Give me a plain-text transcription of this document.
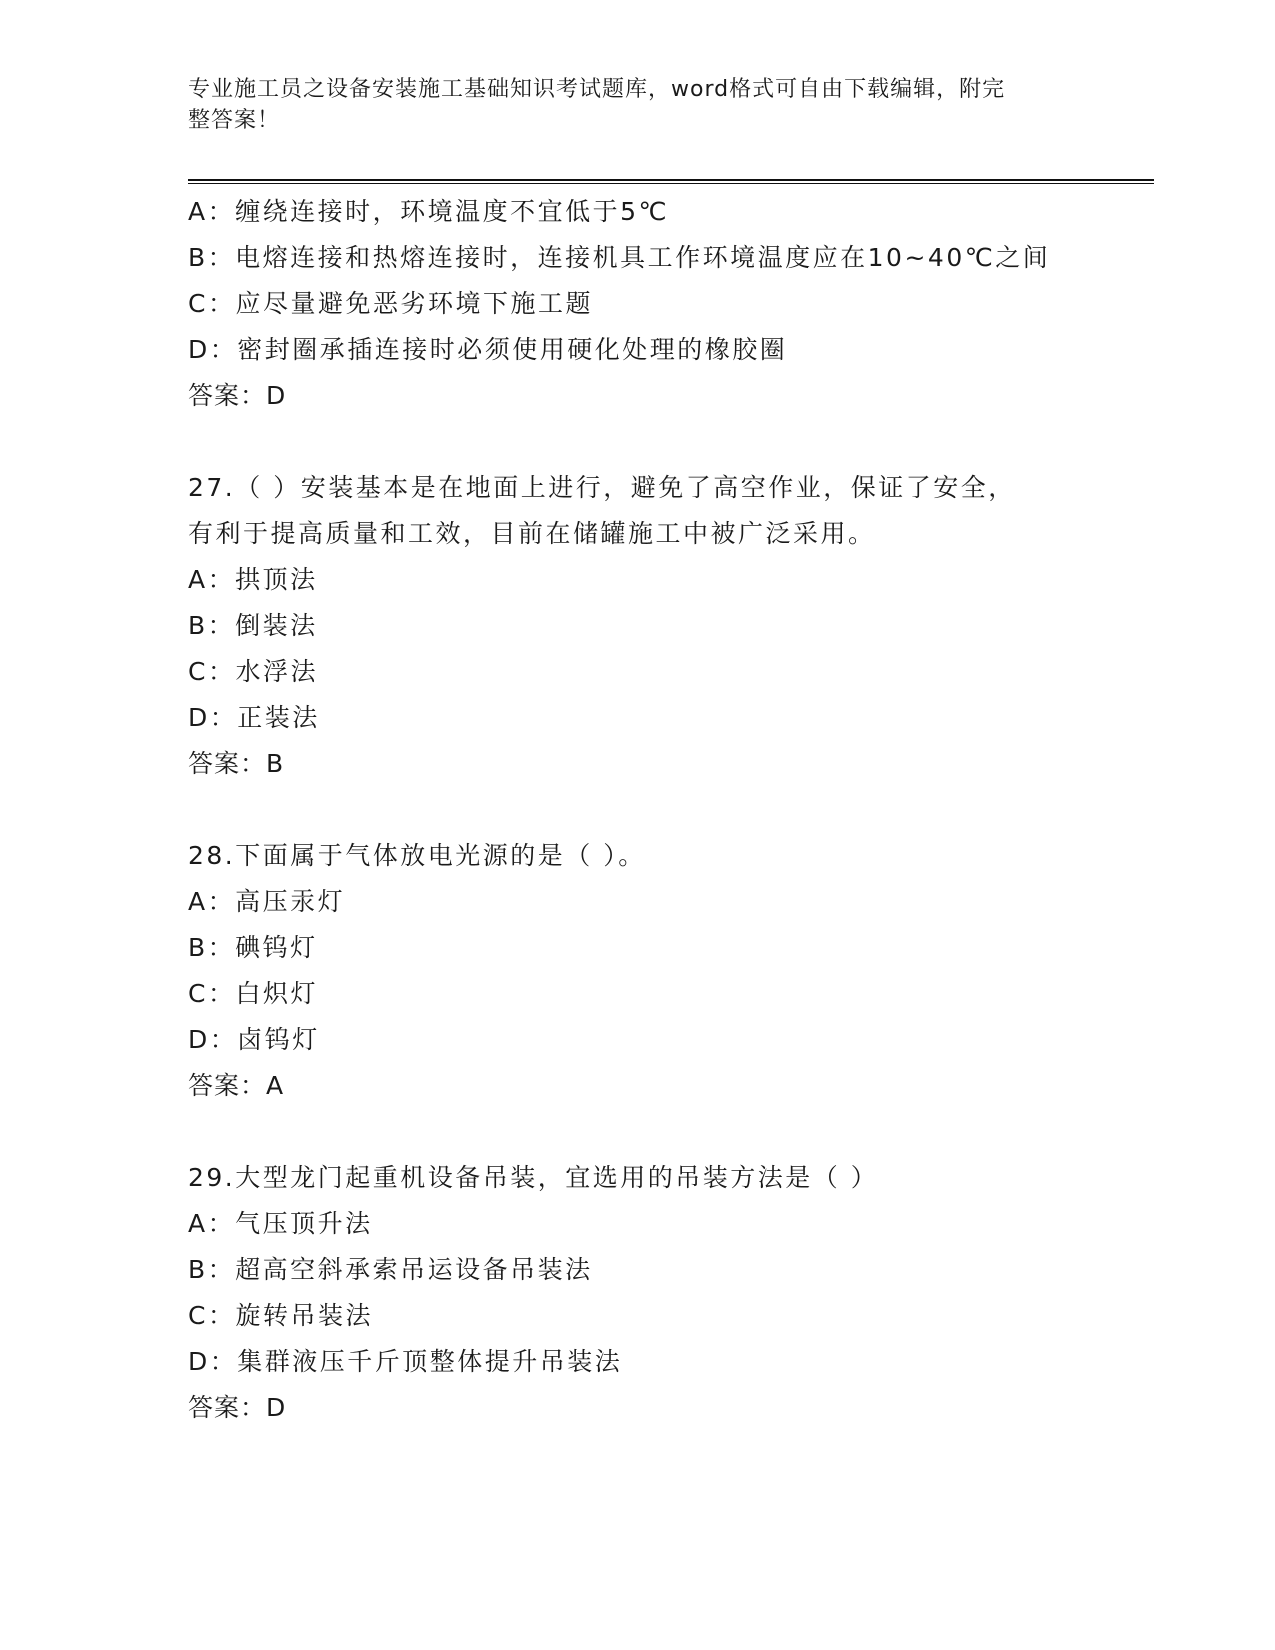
专业施工员之设备安装施工基础知识考试题库，word格式可自由下载编辑，附完
整答案！
A：缠绕连接时，环境温度不宜低于5℃
B：电熔连接和热熔连接时，连接机具工作环境温度应在10~40℃之间
C：应尽量避免恶劣环境下施工题
D：密封圈承插连接时必须使用硬化处理的橡胶圈
答案：D
27.（ ）安装基本是在地面上进行，避免了高空作业，保证了安全，
有利于提高质量和工效，目前在储罐施工中被广泛采用。
A：拱顶法
B：倒装法
C：水浮法
D：正装法
答案：B
28.下面属于气体放电光源的是（ ）。
A：高压汞灯
B：碘钨灯
C：白炽灯
D：卤钨灯
答案：A
29.大型龙门起重机设备吊装，宜选用的吊装方法是（ ）
A：气压顶升法
B：超高空斜承索吊运设备吊装法
C：旋转吊装法
D：集群液压千斤顶整体提升吊装法
答案：D
